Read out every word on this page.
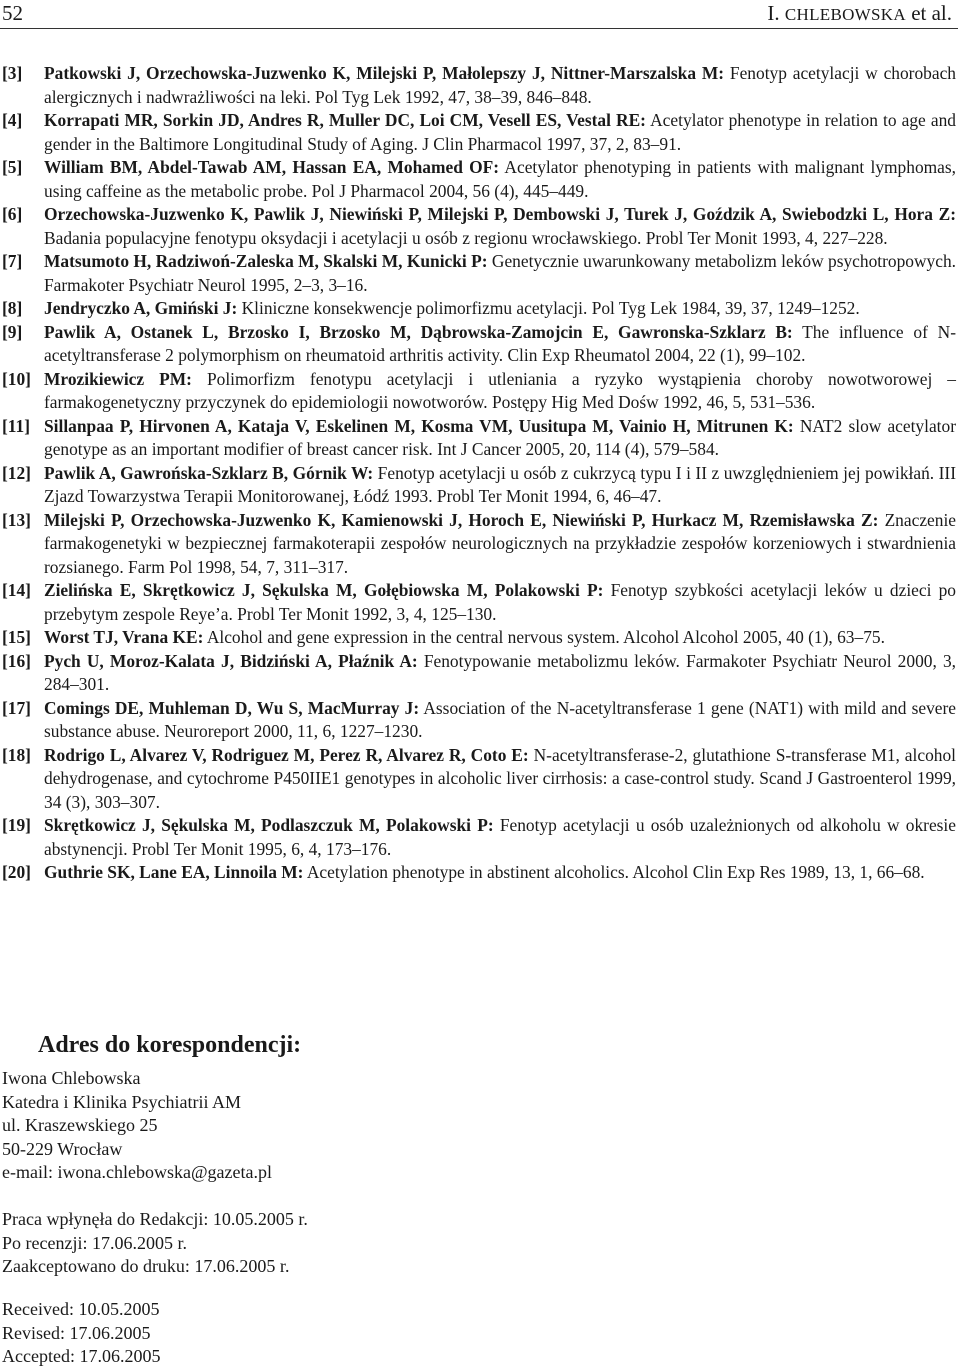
52	I. CHLEBOWSKA et al.
[3]	Patkowski J, Orzechowska-Juzwenko K, Milejski P, Małolepszy J, Nittner-Marszalska M: Fenotyp acetylacji w chorobach alergicznych i nadwrażliwości na leki. Pol Tyg Lek 1992, 47, 38–39, 846–848.
[4]	Korrapati MR, Sorkin JD, Andres R, Muller DC, Loi CM, Vesell ES, Vestal RE: Acetylator phenotype in relation to age and gender in the Baltimore Longitudinal Study of Aging. J Clin Pharmacol 1997, 37, 2, 83–91.
[5]	William BM, Abdel-Tawab AM, Hassan EA, Mohamed OF: Acetylator phenotyping in patients with malignant lymphomas, using caffeine as the metabolic probe. Pol J Pharmacol 2004, 56 (4), 445–449.
[6]	Orzechowska-Juzwenko K, Pawlik J, Niewiński P, Milejski P, Dembowski J, Turek J, Goździk A, Swiebodzki L, Hora Z: Badania populacyjne fenotypu oksydacji i acetylacji u osób z regionu wrocławskiego. Probl Ter Monit 1993, 4, 227–228.
[7]	Matsumoto H, Radziwoń-Zaleska M, Skalski M, Kunicki P: Genetycznie uwarunkowany metabolizm leków psychotropowych. Farmakoter Psychiatr Neurol 1995, 2–3, 3–16.
[8]	Jendryczko A, Gmiński J: Kliniczne konsekwencje polimorfizmu acetylacji. Pol Tyg Lek 1984, 39, 37, 1249–1252.
[9]	Pawlik A, Ostanek L, Brzosko I, Brzosko M, Dąbrowska-Zamojcin E, Gawronska-Szklarz B: The influence of N-acetyltransferase 2 polymorphism on rheumatoid arthritis activity. Clin Exp Rheumatol 2004, 22 (1), 99–102.
[10] Mrozikiewicz PM: Polimorfizm fenotypu acetylacji i utleniania a ryzyko wystąpienia choroby nowotworowej – farmakogenetyczny przyczynek do epidemiologii nowotworów. Postępy Hig Med Dośw 1992, 46, 5, 531–536.
[11] Sillanpaa P, Hirvonen A, Kataja V, Eskelinen M, Kosma VM, Uusitupa M, Vainio H, Mitrunen K: NAT2 slow acetylator genotype as an important modifier of breast cancer risk. Int J Cancer 2005, 20, 114 (4), 579–584.
[12] Pawlik A, Gawrońska-Szklarz B, Górnik W: Fenotyp acetylacji u osób z cukrzycą typu I i II z uwzględnieniem jej powikłań. III Zjazd Towarzystwa Terapii Monitorowanej, Łódź 1993. Probl Ter Monit 1994, 6, 46–47.
[13] Milejski P, Orzechowska-Juzwenko K, Kamienowski J, Horoch E, Niewiński P, Hurkacz M, Rzemisławska Z: Znaczenie farmakogenetyki w bezpiecznej farmakoterapii zespołów neurologicznych na przykładzie zespołów korzeniowych i stwardnienia rozsianego. Farm Pol 1998, 54, 7, 311–317.
[14] Zielińska E, Skrętkowicz J, Sękulska M, Gołębiowska M, Polakowski P: Fenotyp szybkości acetylacji leków u dzieci po przebytym zespole Reye’a. Probl Ter Monit 1992, 3, 4, 125–130.
[15] Worst TJ, Vrana KE: Alcohol and gene expression in the central nervous system. Alcohol Alcohol 2005, 40 (1), 63–75.
[16] Pych U, Moroz-Kalata J, Bidziński A, Płaźnik A: Fenotypowanie metabolizmu leków. Farmakoter Psychiatr Neurol 2000, 3, 284–301.
[17] Comings DE, Muhleman D, Wu S, MacMurray J: Association of the N-acetyltransferase 1 gene (NAT1) with mild and severe substance abuse. Neuroreport 2000, 11, 6, 1227–1230.
[18] Rodrigo L, Alvarez V, Rodriguez M, Perez R, Alvarez R, Coto E: N-acetyltransferase-2, glutathione S-transferase M1, alcohol dehydrogenase, and cytochrome P450IIE1 genotypes in alcoholic liver cirrhosis: a case-control study. Scand J Gastroenterol 1999, 34 (3), 303–307.
[19] Skrętkowicz J, Sękulska M, Podlaszczuk M, Polakowski P: Fenotyp acetylacji u osób uzależnionych od alkoholu w okresie abstynencji. Probl Ter Monit 1995, 6, 4, 173–176.
[20] Guthrie SK, Lane EA, Linnoila M: Acetylation phenotype in abstinent alcoholics. Alcohol Clin Exp Res 1989, 13, 1, 66–68.
Adres do korespondencji:
Iwona Chlebowska
Katedra i Klinika Psychiatrii AM
ul. Kraszewskiego 25
50-229 Wrocław
e-mail: iwona.chlebowska@gazeta.pl
Praca wpłynęła do Redakcji: 10.05.2005 r.
Po recenzji: 17.06.2005 r.
Zaakceptowano do druku: 17.06.2005 r.
Received: 10.05.2005
Revised: 17.06.2005
Accepted: 17.06.2005
